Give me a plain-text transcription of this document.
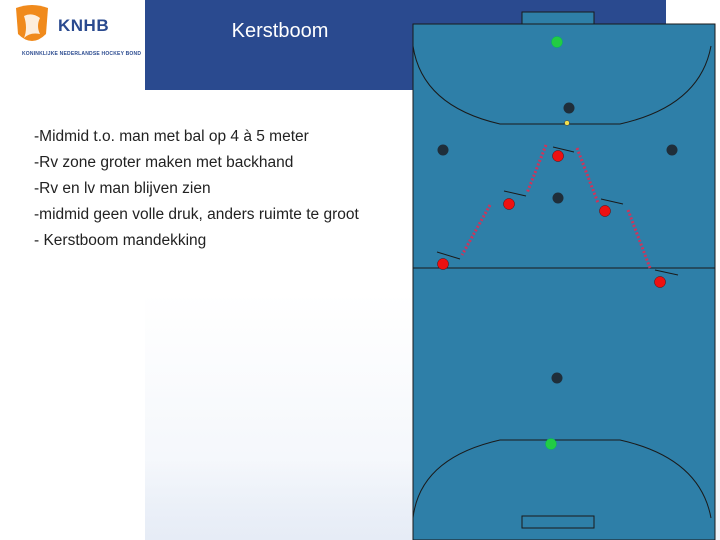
KNHB
KONINKLIJKE NEDERLANDSE HOCKEY BOND
Kerstboom
-Midmid t.o. man met bal op 4 à 5 meter
-Rv zone groter maken met backhand
-Rv en lv man blijven zien
-midmid geen volle druk, anders ruimte te groot
- Kerstboom mandekking
